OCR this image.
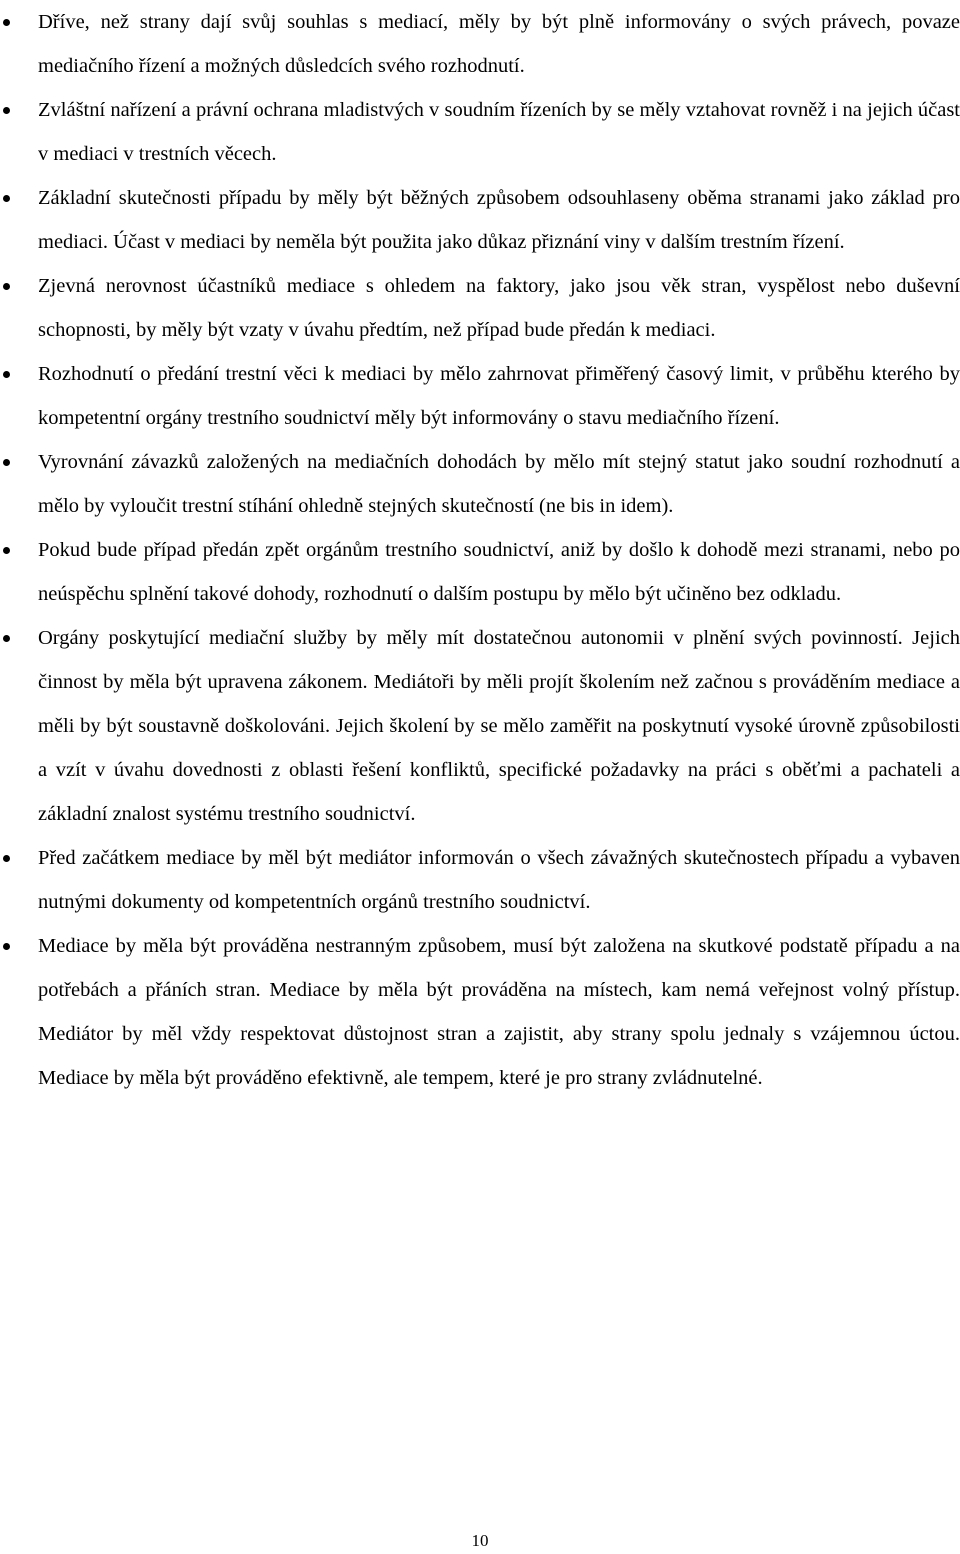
Dříve, než strany dají svůj souhlas s mediací, měly by být plně informovány o svých právech, povaze mediačního řízení a možných důsledcích svého rozhodnutí.
Zvláštní nařízení a právní ochrana mladistvých v soudním řízeních by se měly vztahovat rovněž i na jejich účast v mediaci v trestních věcech.
Základní skutečnosti případu by měly být běžných způsobem odsouhlaseny oběma stranami jako základ pro mediaci. Účast v mediaci by neměla být použita jako důkaz přiznání viny v dalším trestním řízení.
Zjevná nerovnost účastníků mediace s ohledem na faktory, jako jsou věk stran, vyspělost nebo duševní schopnosti, by měly být vzaty v úvahu předtím, než případ bude předán k mediaci.
Rozhodnutí o předání trestní věci k mediaci by mělo zahrnovat přiměřený časový limit, v průběhu kterého by kompetentní orgány trestního soudnictví měly být informovány o stavu mediačního řízení.
Vyrovnání závazků založených na mediačních dohodách by mělo mít stejný statut jako soudní rozhodnutí a mělo by vyloučit trestní stíhání ohledně stejných skutečností (ne bis in idem).
Pokud bude případ předán zpět orgánům trestního soudnictví, aniž by došlo k dohodě mezi stranami, nebo po neúspěchu splnění takové dohody, rozhodnutí o dalším postupu by mělo být učiněno bez odkladu.
Orgány poskytující mediační služby by měly mít dostatečnou autonomii v plnění svých povinností. Jejich činnost by měla být upravena zákonem. Mediátoři by měli projít školením než začnou s prováděním mediace a měli by být soustavně doškolováni. Jejich školení by se mělo zaměřit na poskytnutí vysoké úrovně způsobilosti a vzít v úvahu dovednosti z oblasti řešení konfliktů, specifické požadavky na práci s oběťmi a pachateli a základní znalost systému trestního soudnictví.
Před začátkem mediace by měl být mediátor informován o všech závažných skutečnostech případu a vybaven nutnými dokumenty od kompetentních orgánů trestního soudnictví.
Mediace by měla být prováděna nestranným způsobem, musí být založena na skutkové podstatě případu a na potřebách a přáních stran. Mediace by měla být prováděna na místech, kam nemá veřejnost volný přístup. Mediátor by měl vždy respektovat důstojnost stran a zajistit, aby strany spolu jednaly s vzájemnou úctou. Mediace by měla být prováděno efektivně, ale tempem, které je pro strany zvládnutelné.
10
